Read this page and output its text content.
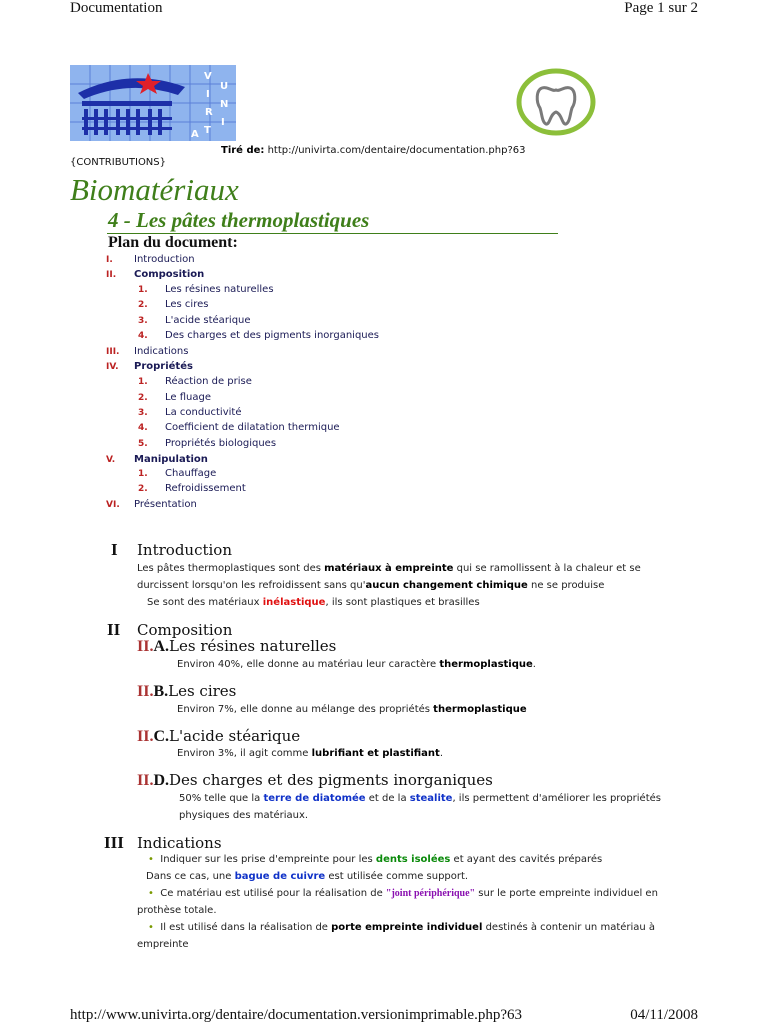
Documentation	Page 1 sur 2
V
U
I
N
R
I
T
A
Tiré de: http://univirta.com/dentaire/documentation.php?63
{CONTRIBUTIONS}
Biomatériaux
4 - Les pâtes thermoplastiques
Plan du document:
I. Introduction
II. Composition
1. Les résines naturelles
2. Les cires
3. L'acide stéarique
4. Des charges et des pigments inorganiques
III. Indications
IV. Propriétés
1. Réaction de prise
2. Le fluage
3. La conductivité
4. Coefficient de dilatation thermique
5. Propriétés biologiques
V. Manipulation
1. Chauffage
2. Refroidissement
VI. Présentation
I Introduction
Les pâtes thermoplastiques sont des matériaux à empreinte qui se ramollissent à la chaleur et se
durcissent lorsqu'on les refroidissent sans qu'aucun changement chimique ne se produise
Se sont des matériaux inélastique, ils sont plastiques et brasilles
II Composition
II.A.Les résines naturelles
Environ 40%, elle donne au matériau leur caractère thermoplastique.
II.B.Les cires
Environ 7%, elle donne au mélange des propriétés thermoplastique
II.C.L'acide stéarique
Environ 3%, il agit comme lubrifiant et plastifiant.
II.D.Des charges et des pigments inorganiques
50% telle que la terre de diatomée et de la stealite, ils permettent d'améliorer les propriétés
physiques des matériaux.
III Indications
• Indiquer sur les prise d'empreinte pour les dents isolées et ayant des cavités préparés
Dans ce cas, une bague de cuivre est utilisée comme support.
• Ce matériau est utilisé pour la réalisation de "joint périphérique" sur le porte empreinte individuel en
prothèse totale.
• Il est utilisé dans la réalisation de porte empreinte individuel destinés à contenir un matériau à
empreinte
http://www.univirta.org/dentaire/documentation.versionimprimable.php?63	04/11/2008
